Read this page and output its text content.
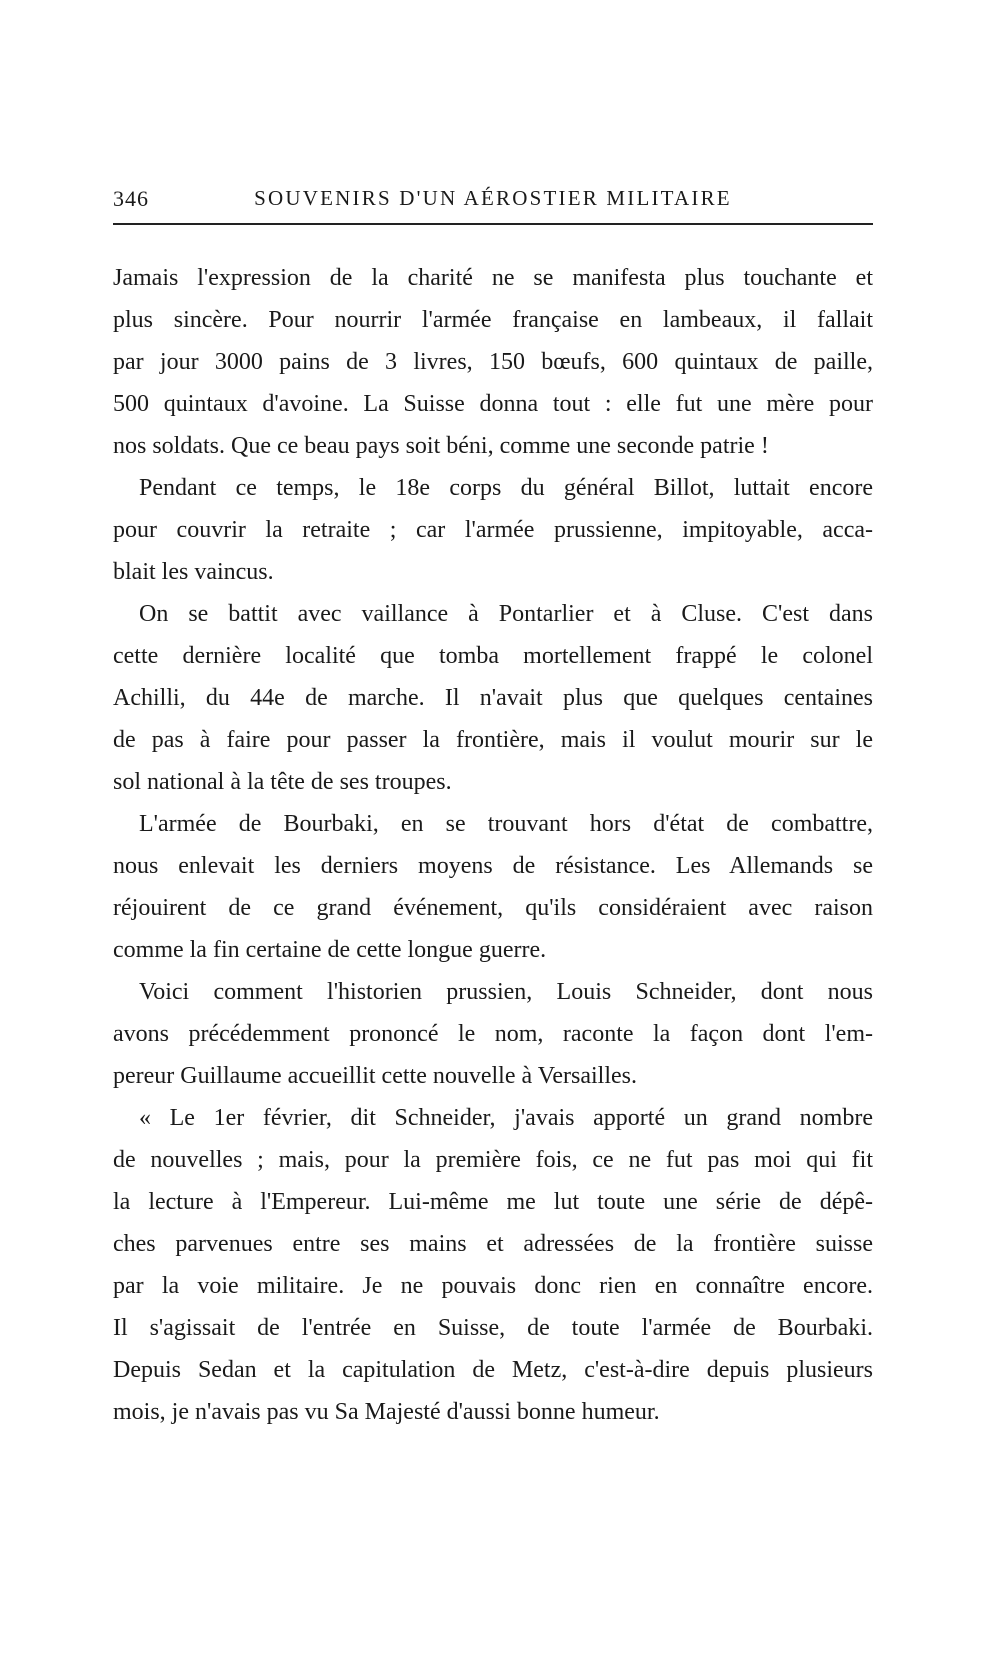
346	SOUVENIRS D'UN AÉROSTIER MILITAIRE
Jamais l'expression de la charité ne se manifesta plus touchante et
plus sincère. Pour nourrir l'armée française en lambeaux, il fallait
par jour 3000 pains de 3 livres, 150 bœufs, 600 quintaux de paille,
500 quintaux d'avoine. La Suisse donna tout : elle fut une mère pour
nos soldats. Que ce beau pays soit béni, comme une seconde patrie !
Pendant ce temps, le 18e corps du général Billot, luttait encore
pour couvrir la retraite ; car l'armée prussienne, impitoyable, acca-
blait les vaincus.
On se battit avec vaillance à Pontarlier et à Cluse. C'est dans
cette dernière localité que tomba mortellement frappé le colonel
Achilli, du 44e de marche. Il n'avait plus que quelques centaines
de pas à faire pour passer la frontière, mais il voulut mourir sur le
sol national à la tête de ses troupes.
L'armée de Bourbaki, en se trouvant hors d'état de combattre,
nous enlevait les derniers moyens de résistance. Les Allemands se
réjouirent de ce grand événement, qu'ils considéraient avec raison
comme la fin certaine de cette longue guerre.
Voici comment l'historien prussien, Louis Schneider, dont nous
avons précédemment prononcé le nom, raconte la façon dont l'em-
pereur Guillaume accueillit cette nouvelle à Versailles.
« Le 1er février, dit Schneider, j'avais apporté un grand nombre
de nouvelles ; mais, pour la première fois, ce ne fut pas moi qui fit
la lecture à l'Empereur. Lui-même me lut toute une série de dépê-
ches parvenues entre ses mains et adressées de la frontière suisse
par la voie militaire. Je ne pouvais donc rien en connaître encore.
Il s'agissait de l'entrée en Suisse, de toute l'armée de Bourbaki.
Depuis Sedan et la capitulation de Metz, c'est-à-dire depuis plusieurs
mois, je n'avais pas vu Sa Majesté d'aussi bonne humeur.
